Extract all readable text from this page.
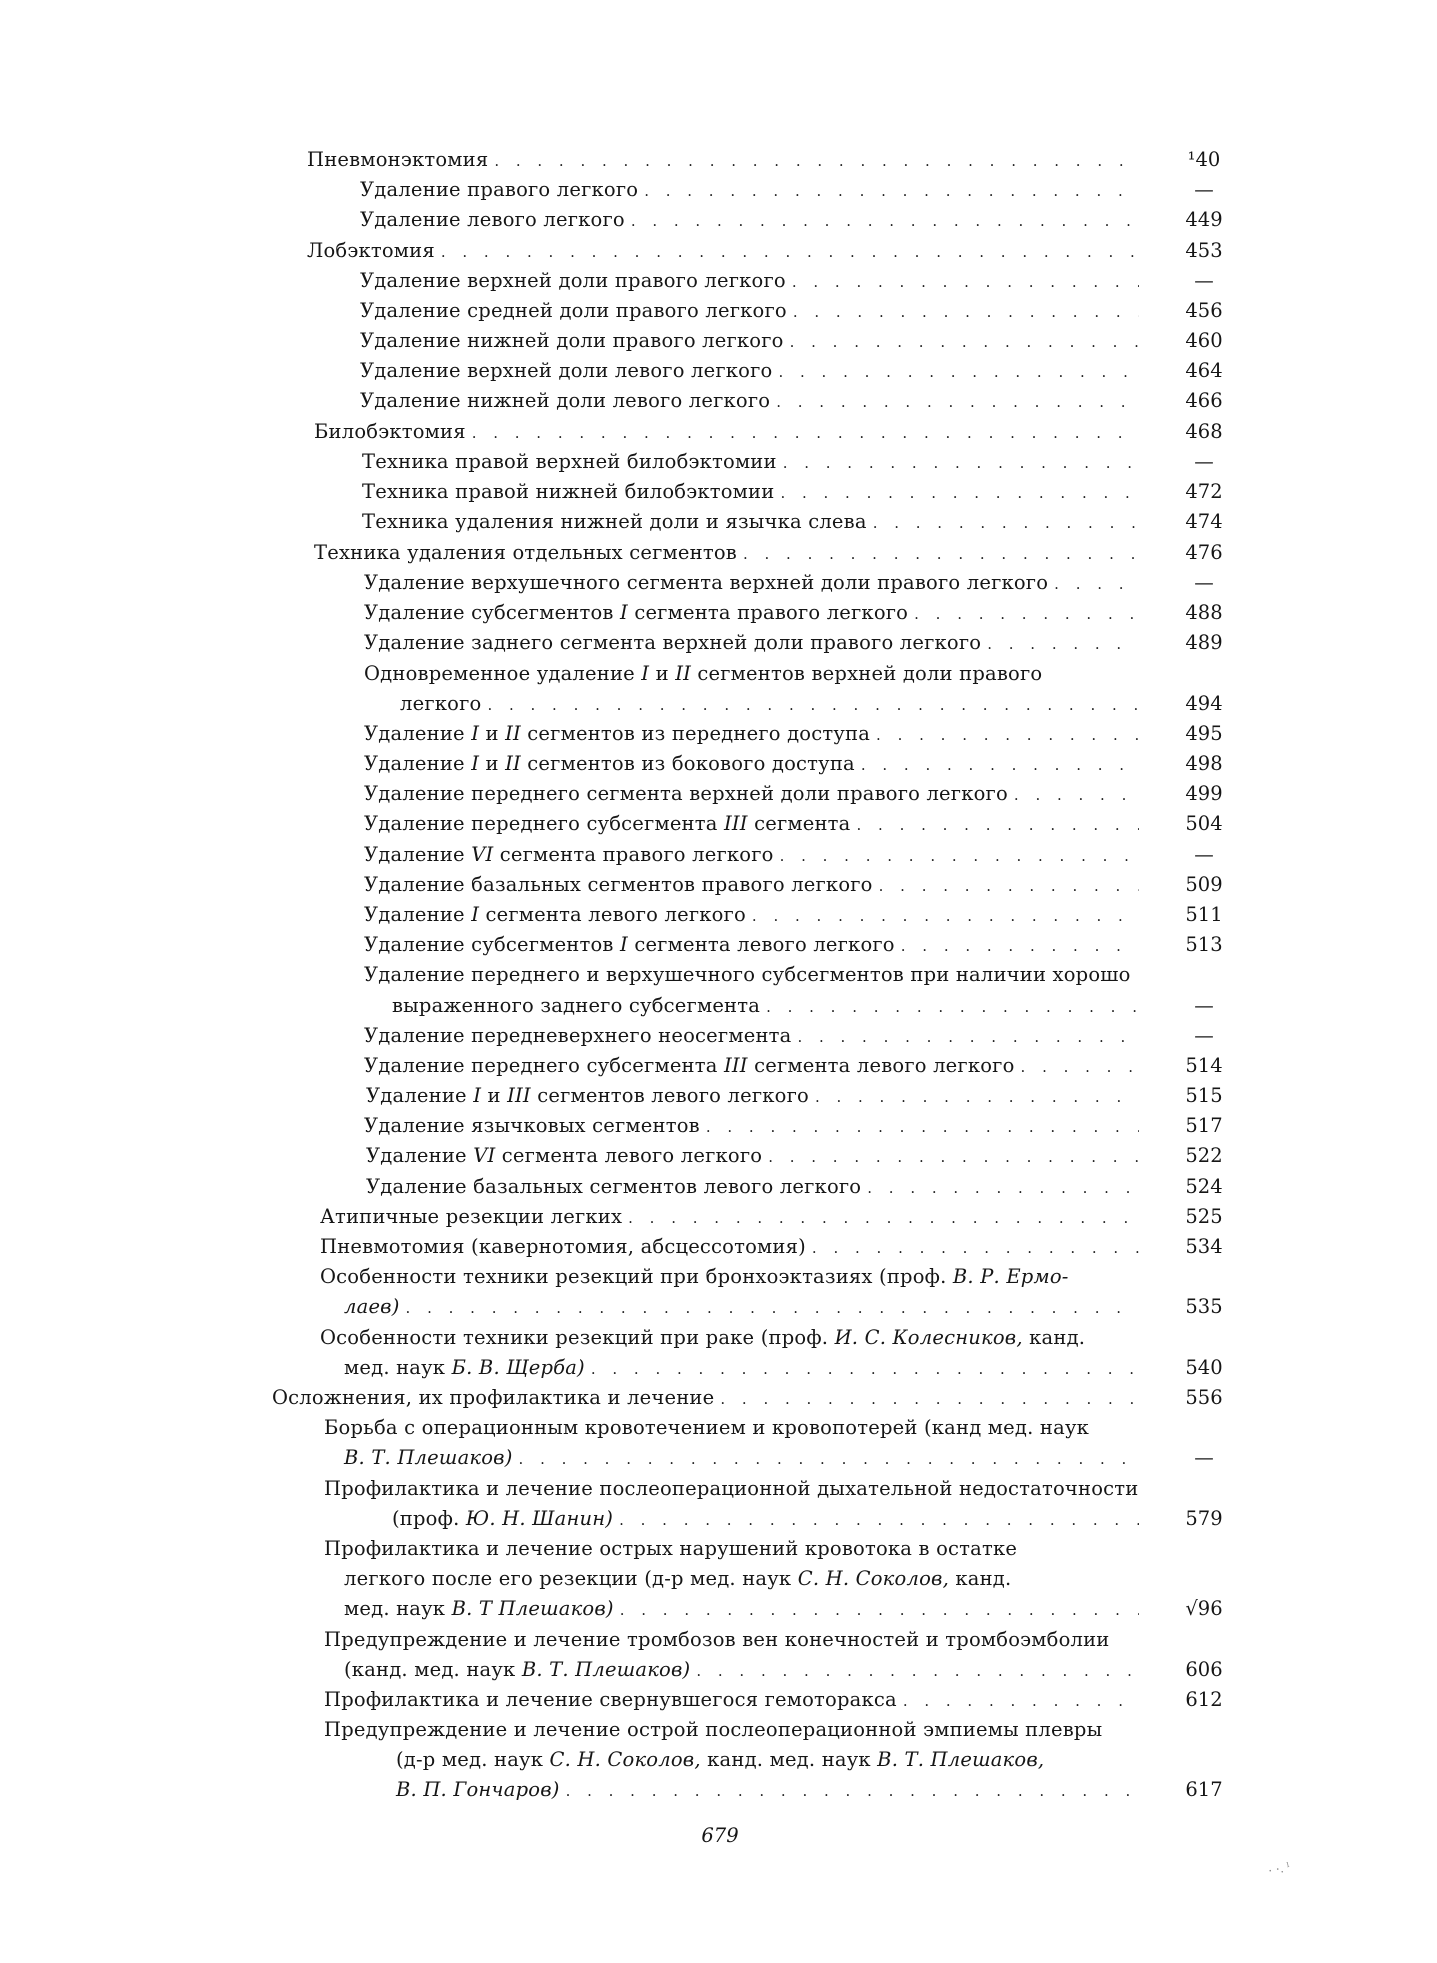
Пневмонэктомия . . .	¹40
Удаление правого легкого . . .	—
Удаление левого легкого . . .	449
Лобэктомия . . .	453
Удаление верхней доли правого легкого . . .	—
Удаление средней доли правого легкого . . .	456
Удаление нижней доли правого легкого . . .	460
Удаление верхней доли левого легкого . . .	464
Удаление нижней доли левого легкого . . .	466
Билобэктомия . . .	468
Техника правой верхней билобэктомии . . .	—
Техника правой нижней билобэктомии . . .	472
Техника удаления нижней доли и язычка слева . . .	474
Техника удаления отдельных сегментов . . .	476
Удаление верхушечного сегмента верхней доли правого легкого . . .	—
Удаление субсегментов I сегмента правого легкого . . .	488
Удаление заднего сегмента верхней доли правого легкого . . .	489
Одновременное удаление I и II сегментов верхней доли правого
легкого . . .	494
Удаление I и II сегментов из переднего доступа . . .	495
Удаление I и II сегментов из бокового доступа . . .	498
Удаление переднего сегмента верхней доли правого легкого . . .	499
Удаление переднего субсегмента III сегмента . . .	504
Удаление VI сегмента правого легкого . . .	—
Удаление базальных сегментов правого легкого . . .	509
Удаление I сегмента левого легкого . . .	511
Удаление субсегментов I сегмента левого легкого . . .	513
Удаление переднего и верхушечного субсегментов при наличии хорошо
выраженного заднего субсегмента . . .	—
Удаление передневерхнего неосегмента . . .	—
Удаление переднего субсегмента III сегмента левого легкого . . .	514
Удаление I и III сегментов левого легкого . . .	515
Удаление язычковых сегментов . . .	517
Удаление VI сегмента левого легкого . . .	522
Удаление базальных сегментов левого легкого . . .	524
Атипичные резекции легких . . .	525
Пневмотомия (кавернотомия, абсцессотомия) . . .	534
Особенности техники резекций при бронхоэктазиях (проф. В. Р. Ермо-
лаев) . . .	535
Особенности техники резекций при раке (проф. И. С. Колесников, канд.
мед. наук Б. В. Щерба) . . .	540
Осложнения, их профилактика и лечение . . .	556
Борьба с операционным кровотечением и кровопотерей (канд мед. наук
В. Т. Плешаков) . . .	—
Профилактика и лечение послеоперационной дыхательной недостаточности
(проф. Ю. Н. Шанин) . . .	579
Профилактика и лечение острых нарушений кровотока в остатке
легкого после его резекции (д-р мед. наук С. Н. Соколов, канд.
мед. наук В. Т Плешаков) . . .	√96
Предупреждение и лечение тромбозов вен конечностей и тромбоэмболии
(канд. мед. наук В. Т. Плешаков) . . .	606
Профилактика и лечение свернувшегося гемоторакса . . .	612
Предупреждение и лечение острой послеоперационной эмпиемы плевры
(д-р мед. наук С. Н. Соколов, канд. мед. наук В. Т. Плешаков,
В. П. Гончаров) . . .	617
679
· ·. ˡ
